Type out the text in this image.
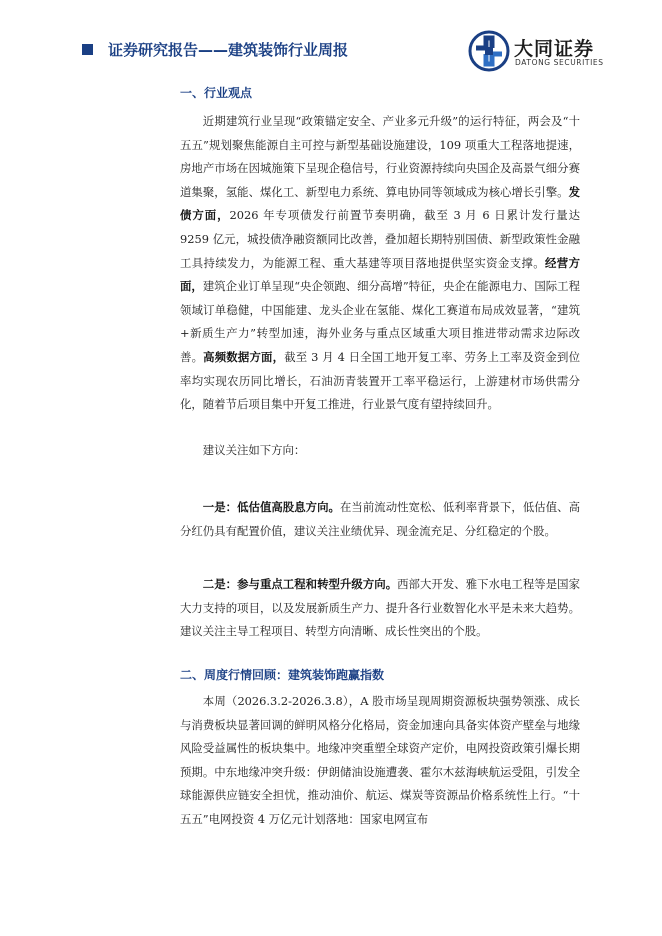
证券研究报告——建筑装饰行业周报	大同证券
DATONG SECURITIES
一、行业观点

近期建筑行业呈现“政策锚定安全、产业多元升级”的运行特征，两会及“十五五”规划聚焦能源自主可控与新型基础设施建设，109 项重大工程落地提速，房地产市场在因城施策下呈现企稳信号，行业资源持续向央国企及高景气细分赛道集聚，氢能、煤化工、新型电力系统、算电协同等领域成为核心增长引擎。发债方面，2026 年专项债发行前置节奏明确，截至 3 月 6 日累计发行量达 9259 亿元，城投债净融资额同比改善，叠加超长期特别国债、新型政策性金融工具持续发力，为能源工程、重大基建等项目落地提供坚实资金支撑。经营方面，建筑企业订单呈现“央企领跑、细分高增”特征，央企在能源电力、国际工程领域订单稳健，中国能建、龙头企业在氢能、煤化工赛道布局成效显著，“建筑+新质生产力”转型加速，海外业务与重点区域重大项目推进带动需求边际改善。高频数据方面，截至 3 月 4 日全国工地开复工率、劳务上工率及资金到位率均实现农历同比增长，石油沥青装置开工率平稳运行，上游建材市场供需分化，随着节后项目集中开复工推进，行业景气度有望持续回升。

建议关注如下方向：

一是：低估值高股息方向。在当前流动性宽松、低利率背景下，低估值、高分红仍具有配置价值，建议关注业绩优异、现金流充足、分红稳定的个股。

二是：参与重点工程和转型升级方向。西部大开发、雅下水电工程等是国家大力支持的项目，以及发展新质生产力、提升各行业数智化水平是未来大趋势。建议关注主导工程项目、转型方向清晰、成长性突出的个股。

二、周度行情回顾：建筑装饰跑赢指数

本周（2026.3.2-2026.3.8），A 股市场呈现周期资源板块强势领涨、成长与消费板块显著回调的鲜明风格分化格局，资金加速向具备实体资产壁垒与地缘风险受益属性的板块集中。地缘冲突重塑全球资产定价，电网投资政策引爆长期预期。中东地缘冲突升级：伊朗储油设施遭袭、霍尔木兹海峡航运受阻，引发全球能源供应链安全担忧，推动油价、航运、煤炭等资源品价格系统性上行。“十五五”电网投资 4 万亿元计划落地：国家电网宣布
